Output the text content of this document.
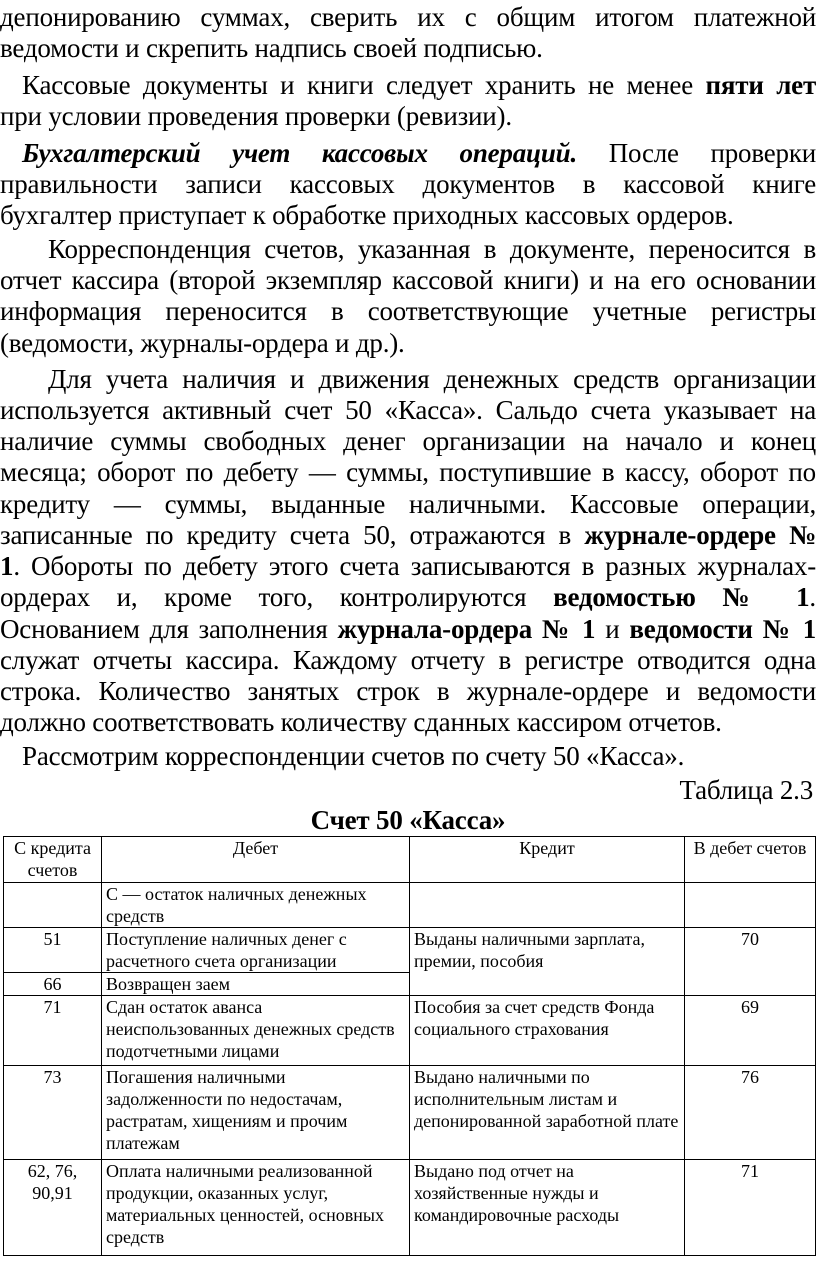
депонированию суммах, сверить их с общим итогом платежной
ведомости и скрепить надпись своей подписью.
Кассовые документы и книги следует хранить не менее пяти лет
при условии проведения проверки (ревизии).
Бухгалтерский учет кассовых операций. После проверки
правильности записи кассовых документов в кассовой книге
бухгалтер приступает к обработке приходных кассовых ордеров.
Корреспонденция счетов, указанная в документе, переносится в
отчет кассира (второй экземпляр кассовой книги) и на его основании
информация переносится в соответствующие учетные регистры
(ведомости, журналы-ордера и др.).
Для учета наличия и движения денежных средств организации
используется активный счет 50 «Касса». Сальдо счета указывает на
наличие суммы свободных денег организации на начало и конец
месяца; оборот по дебету — суммы, поступившие в кассу, оборот по
кредиту — суммы, выданные наличными. Кассовые операции,
записанные по кредиту счета 50, отражаются в журнале-ордере №
1. Обороты по дебету этого счета записываются в разных журналах-
ордерах и, кроме того, контролируются ведомостью № 1.
Основанием для заполнения журнала-ордера № 1 и ведомости № 1
служат отчеты кассира. Каждому отчету в регистре отводится одна
строка. Количество занятых строк в журнале-ордере и ведомости
должно соответствовать количеству сданных кассиром отчетов.
Рассмотрим корреспонденции счетов по счету 50 «Касса».
Таблица 2.3
Счет 50 «Касса»
С кредита счетов	Дебет	Кредит	В дебет счетов
	С — остаток наличных денежных средств		
51	Поступление наличных денег с расчетного счета организации	Выданы наличными зарплата, премии, пособия	70
66	Возвращен заем		
71	Сдан остаток аванса неиспользованных денежных средств подотчетными лицами	Пособия за счет средств Фонда социального страхования	69
73	Погашения наличными задолженности по недостачам, растратам, хищениям и прочим платежам	Выдано наличными по исполнительным листам и депонированной заработной плате	76
62, 76, 90,91	Оплата наличными реализованной продукции, оказанных услуг, материальных ценностей, основных средств	Выдано под отчет на хозяйственные нужды и командировочные расходы	71
